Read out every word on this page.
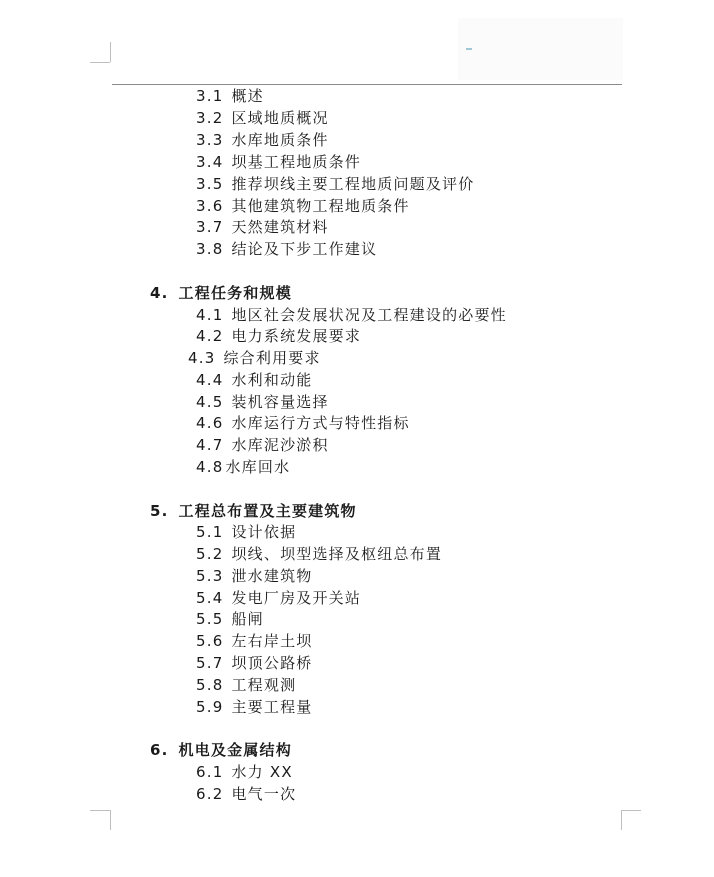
3.1 概述
3.2 区域地质概况
3.3 水库地质条件
3.4 坝基工程地质条件
3.5 推荐坝线主要工程地质问题及评价
3.6 其他建筑物工程地质条件
3.7 天然建筑材料
3.8 结论及下步工作建议
4. 工程任务和规模
4.1 地区社会发展状况及工程建设的必要性
4.2 电力系统发展要求
4.3 综合利用要求
4.4 水利和动能
4.5 装机容量选择
4.6 水库运行方式与特性指标
4.7 水库泥沙淤积
4.8 水库回水
5. 工程总布置及主要建筑物
5.1 设计依据
5.2 坝线、坝型选择及枢纽总布置
5.3 泄水建筑物
5.4 发电厂房及开关站
5.5 船闸
5.6 左右岸土坝
5.7 坝顶公路桥
5.8 工程观测
5.9 主要工程量
6. 机电及金属结构
6.1 水力 XX
6.2 电气一次
